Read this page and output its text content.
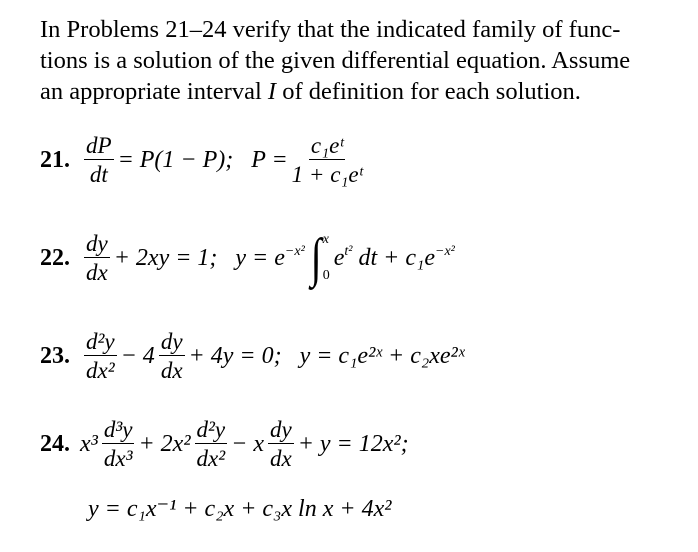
In Problems 21–24 verify that the indicated family of func-
tions is a solution of the given differential equation. Assume
an appropriate interval I of definition for each solution.
21. $\frac{dP}{dt} = P(1 - P)$; $P = \frac{\text{c₁eᵗ}}{\text{1 + c₁eᵗ}}$
22. $\frac{dy}{dx} + 2xy = 1$; $y = e^{-x^2}$ ∫ x
0
$e^{t^2}$ dt + $c_1e^{-x^2}$
23. $\frac{\text{d²y}}{\text{dx²}} - 4 \frac{dy}{dx} + 4y = 0$; y = c₁e²ˣ + c₂xe²ˣ
24. $x^3 \frac{\text{d³y}}{\text{dx³}} + 2x^2 \frac{\text{d²y}}{\text{dx²}} - x \frac{dy}{dx} + y = 12x^2$;
y = c₁x⁻¹ + c₂x + c₃x ln x + 4x²
